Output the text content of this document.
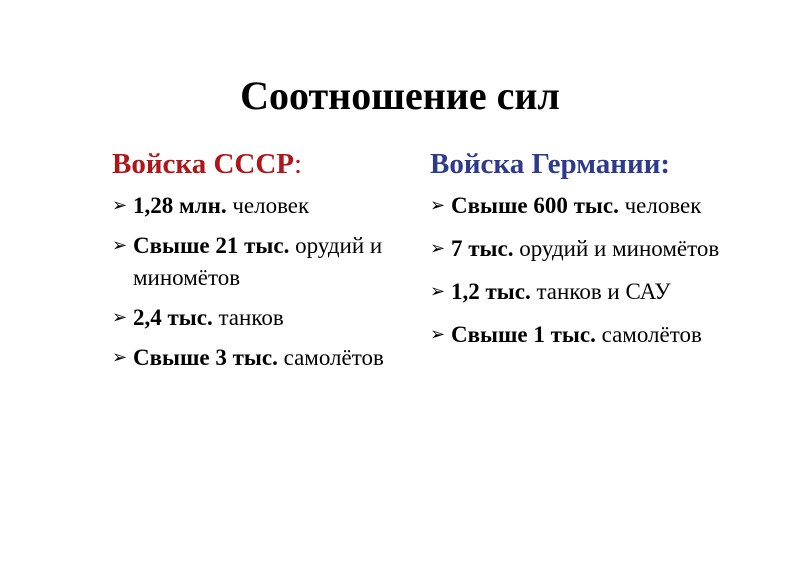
Соотношение сил
Войска СССР:
➢ 1,28 млн. человек
➢ Свыше 21 тыс. орудий и миномётов
➢ 2,4 тыс. танков
➢ Свыше 3 тыс. самолётов
Войска Германии:
➢ Свыше 600 тыс. человек
➢ 7 тыс. орудий и миномётов
➢ 1,2 тыс. танков и САУ
➢ Свыше 1 тыс. самолётов
